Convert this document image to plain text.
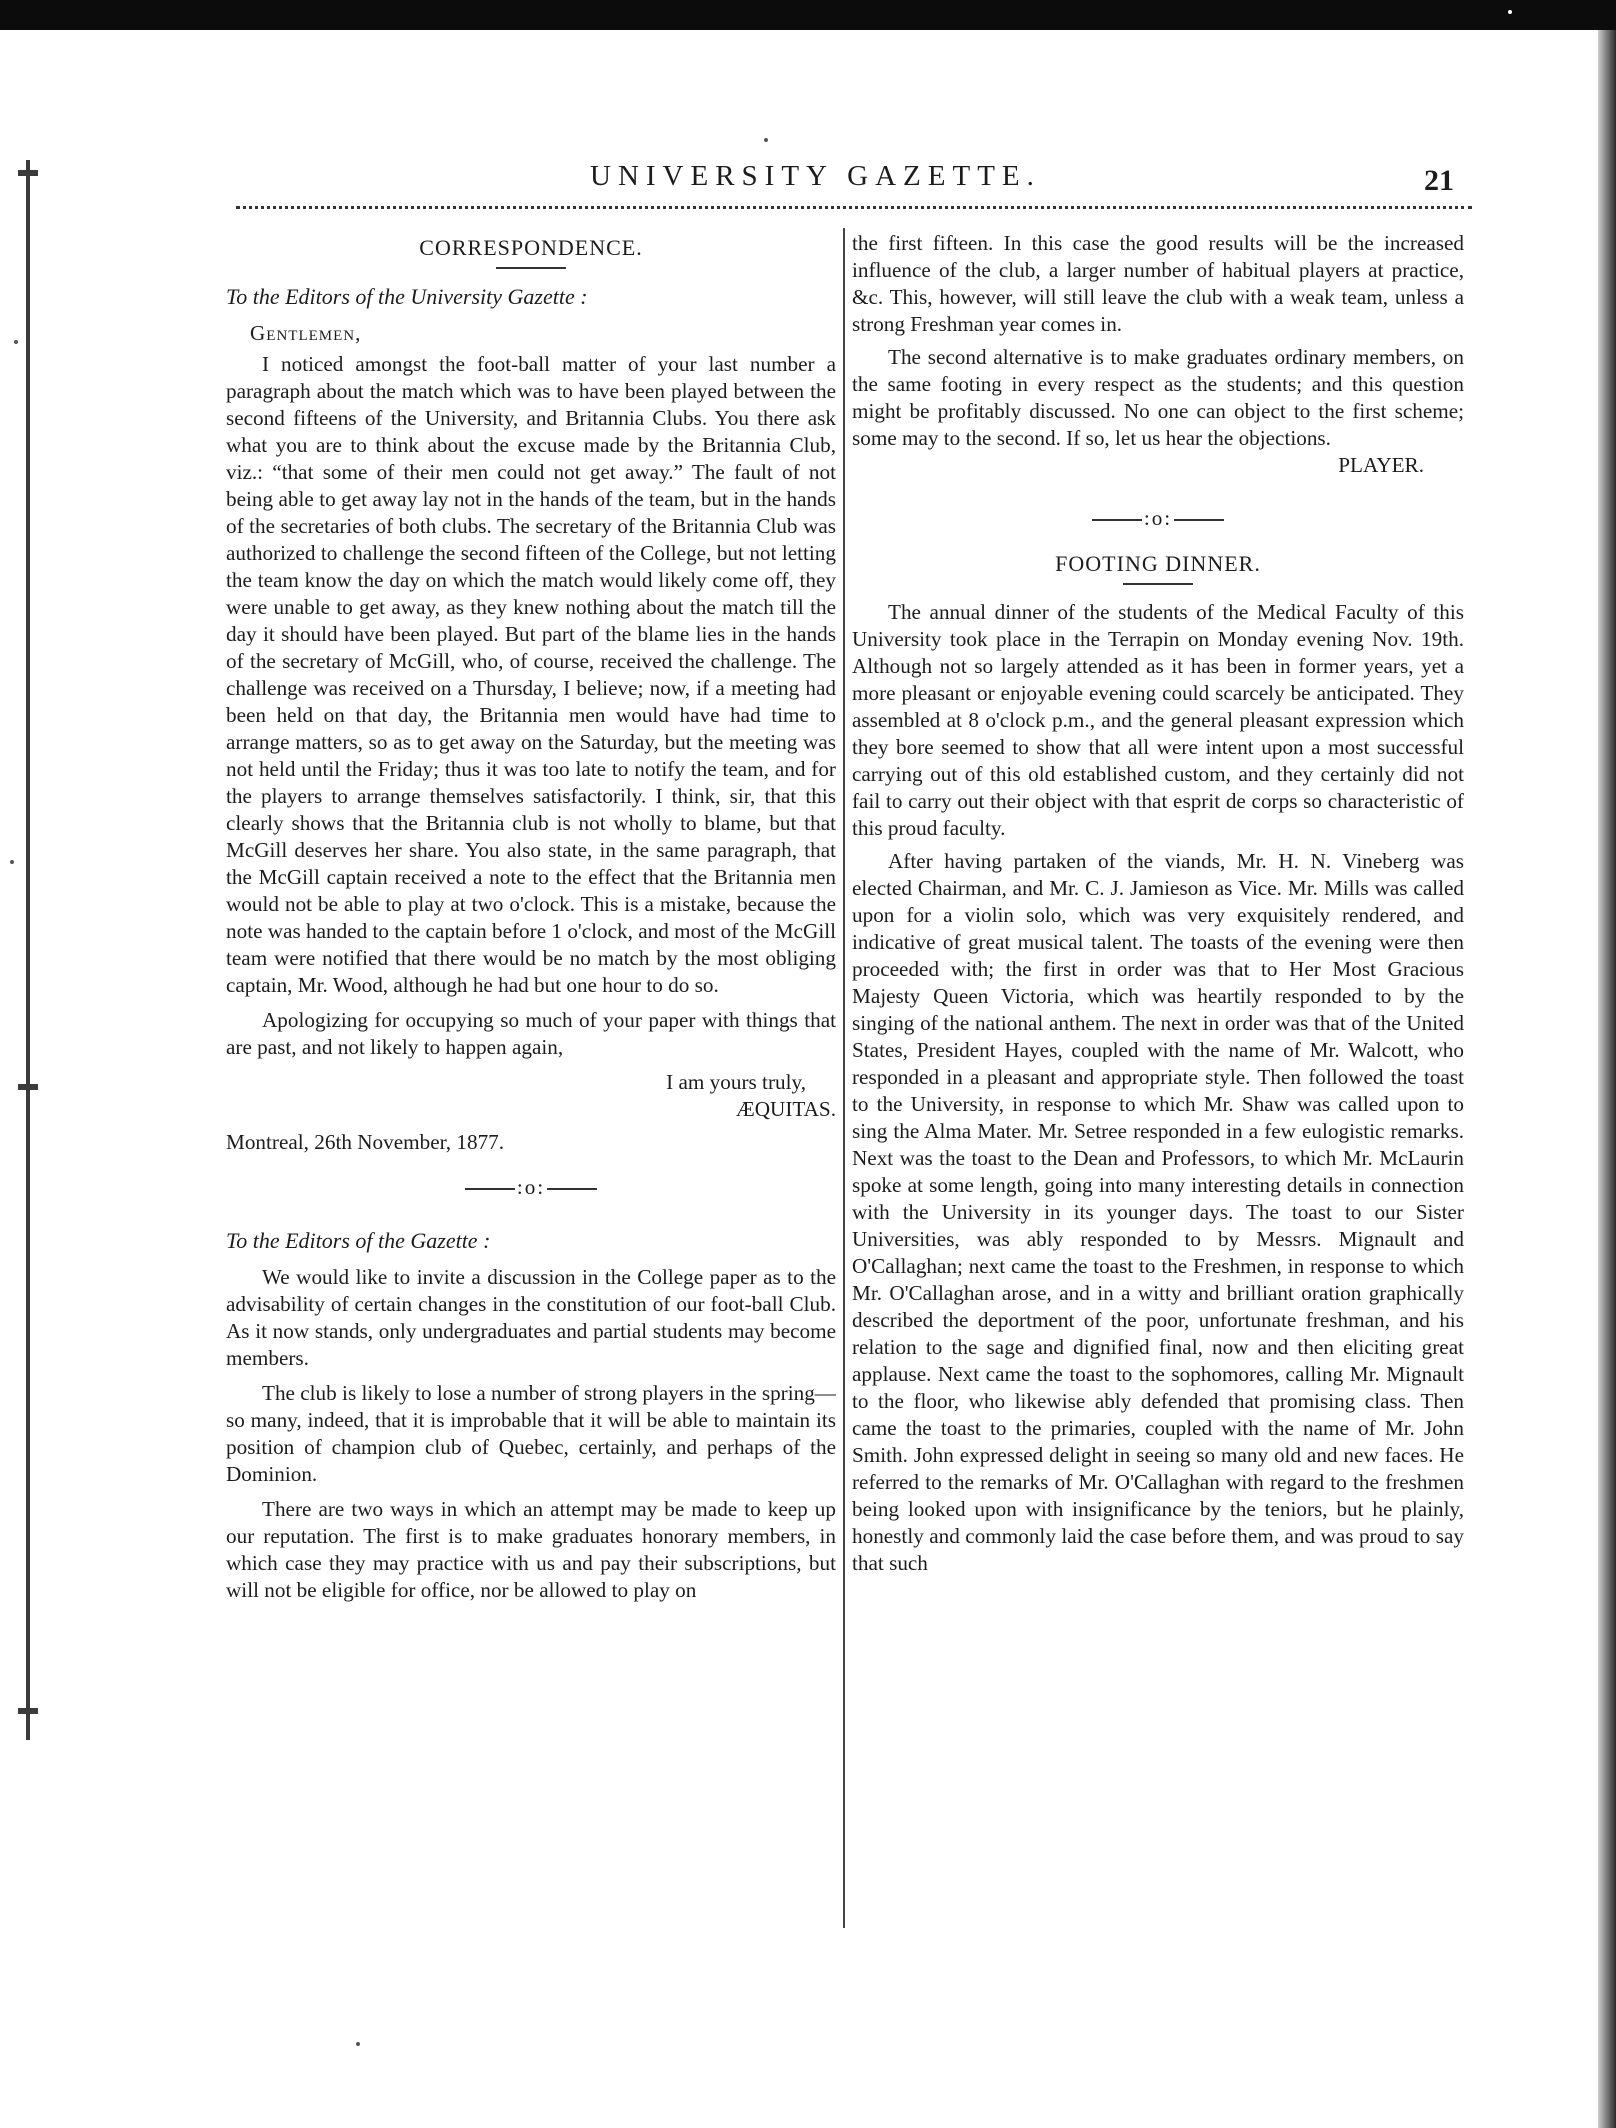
UNIVERSITY GAZETTE.	21
CORRESPONDENCE.
To the Editors of the University Gazette :
Gentlemen,

I noticed amongst the foot-ball matter of your last number a paragraph about the match which was to have been played between the second fifteens of the University, and Britannia Clubs. You there ask what you are to think about the excuse made by the Britannia Club, viz.: “that some of their men could not get away.” The fault of not being able to get away lay not in the hands of the team, but in the hands of the secretaries of both clubs. The secretary of the Britannia Club was authorized to challenge the second fifteen of the College, but not letting the team know the day on which the match would likely come off, they were unable to get away, as they knew nothing about the match till the day it should have been played. But part of the blame lies in the hands of the secretary of McGill, who, of course, received the challenge. The challenge was received on a Thursday, I believe; now, if a meeting had been held on that day, the Britannia men would have had time to arrange matters, so as to get away on the Saturday, but the meeting was not held until the Friday; thus it was too late to notify the team, and for the players to arrange themselves satisfactorily. I think, sir, that this clearly shows that the Britannia club is not wholly to blame, but that McGill deserves her share. You also state, in the same paragraph, that the McGill captain received a note to the effect that the Britannia men would not be able to play at two o'clock. This is a mistake, because the note was handed to the captain before 1 o'clock, and most of the McGill team were notified that there would be no match by the most obliging captain, Mr. Wood, although he had but one hour to do so.

Apologizing for occupying so much of your paper with things that are past, and not likely to happen again,

I am yours truly,
ÆQUITAS.
Montreal, 26th November, 1877.
:o:
To the Editors of the Gazette :

We would like to invite a discussion in the College paper as to the advisability of certain changes in the constitution of our foot-ball Club. As it now stands, only undergraduates and partial students may become members.

The club is likely to lose a number of strong players in the spring—so many, indeed, that it is improbable that it will be able to maintain its position of champion club of Quebec, certainly, and perhaps of the Dominion.

There are two ways in which an attempt may be made to keep up our reputation. The first is to make graduates honorary members, in which case they may practice with us and pay their subscriptions, but will not be eligible for office, nor be allowed to play on

the first fifteen. In this case the good results will be the increased influence of the club, a larger number of habitual players at practice, &c. This, however, will still leave the club with a weak team, unless a strong Freshman year comes in.

The second alternative is to make graduates ordinary members, on the same footing in every respect as the students; and this question might be profitably discussed. No one can object to the first scheme; some may to the second. If so, let us hear the objections.

PLAYER.
:o:
FOOTING DINNER.

The annual dinner of the students of the Medical Faculty of this University took place in the Terrapin on Monday evening Nov. 19th. Although not so largely attended as it has been in former years, yet a more pleasant or enjoyable evening could scarcely be anticipated. They assembled at 8 o'clock p.m., and the general pleasant expression which they bore seemed to show that all were intent upon a most successful carrying out of this old established custom, and they certainly did not fail to carry out their object with that esprit de corps so characteristic of this proud faculty.

After having partaken of the viands, Mr. H. N. Vineberg was elected Chairman, and Mr. C. J. Jamieson as Vice. Mr. Mills was called upon for a violin solo, which was very exquisitely rendered, and indicative of great musical talent. The toasts of the evening were then proceeded with; the first in order was that to Her Most Gracious Majesty Queen Victoria, which was heartily responded to by the singing of the national anthem. The next in order was that of the United States, President Hayes, coupled with the name of Mr. Walcott, who responded in a pleasant and appropriate style. Then followed the toast to the University, in response to which Mr. Shaw was called upon to sing the Alma Mater. Mr. Setree responded in a few eulogistic remarks. Next was the toast to the Dean and Professors, to which Mr. McLaurin spoke at some length, going into many interesting details in connection with the University in its younger days. The toast to our Sister Universities, was ably responded to by Messrs. Mignault and O'Callaghan; next came the toast to the Freshmen, in response to which Mr. O'Callaghan arose, and in a witty and brilliant oration graphically described the deportment of the poor, unfortunate freshman, and his relation to the sage and dignified final, now and then eliciting great applause. Next came the toast to the sophomores, calling Mr. Mignault to the floor, who likewise ably defended that promising class. Then came the toast to the primaries, coupled with the name of Mr. John Smith. John expressed delight in seeing so many old and new faces. He referred to the remarks of Mr. O'Callaghan with regard to the freshmen being looked upon with insignificance by the teniors, but he plainly, honestly and commonly laid the case before them, and was proud to say that such
